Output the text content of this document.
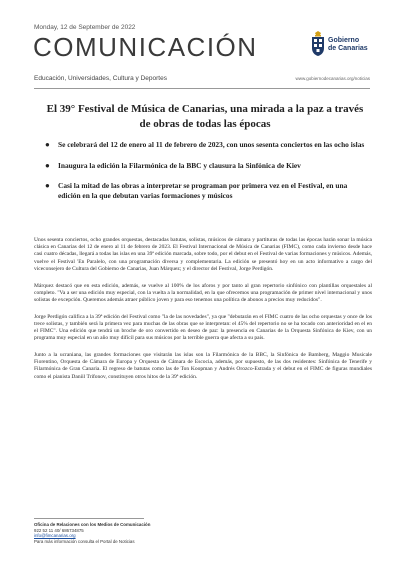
Monday, 12 de September de 2022
COMUNICACIÓN	Gobierno
de Canarias
Educación, Universidades, Cultura y Deportes	www.gobiernodecanarias.org/noticias
El 39° Festival de Música de Canarias, una mirada a la paz a través de obras de todas las épocas
● Se celebrará del 12 de enero al 11 de febrero de 2023, con unos sesenta conciertos en las ocho islas
● Inaugura la edición la Filarmónica de la BBC y clausura la Sinfónica de Kiev
● Casi la mitad de las obras a interpretar se programan por primera vez en el Festival, en una edición en la que debutan varias formaciones y músicos

Unos sesenta conciertos, ocho grandes orquestas, destacadas batutas, solistas, músicos de cámara y partituras de todas las épocas harán sonar la música clásica en Canarias del 12 de enero al 11 de febrero de 2023. El Festival Internacional de Música de Canarias (FIMC), como cada invierno desde hace casi cuatro décadas, llegará a todas las islas en una 39ª edición marcada, sobre todo, por el debut en el Festival de varias formaciones y músicos. Además, vuelve el Festival 'En Paralelo, con una programación diversa y complementaria. La edición se presentó hoy en un acto informativo a cargo del viceconsejero de Cultura del Gobierno de Canarias, Juan Márquez; y el director del Festival, Jorge Perdigón.

Márquez destacó que en esta edición, además, se vuelve al 100% de los aforos y por tanto al gran repertorio sinfónico con plantillas orquestales al completo. "Va a ser una edición muy especial, con la vuelta a la normalidad, en la que ofrecemos una programación de primer nivel internacional y unos solistas de excepción. Queremos además atraer público joven y para eso tenemos una política de abonos a precios muy reducidos".

Jorge Perdigón califica a la 39ª edición del Festival como "la de las novedades", ya que "debutarán en el FIMC cuatro de las ocho orquestas y once de los trece solistas, y también será la primera vez para muchas de las obras que se interpretan: el 45% del repertorio no se ha tocado con anterioridad en el en el FIMC". Una edición que tendrá un broche de oro convertido en deseo de paz: la presencia en Canarias de la Orquesta Sinfónica de Kiev, con un programa muy especial en un año muy difícil para sus músicos por la terrible guerra que afecta a su país.

Junto a la ucraniana, las grandes formaciones que visitarán las islas son la Filarmónica de la BBC, la Sinfónica de Bamberg, Maggio Musicale Fiorentino, Orquesta de Cámara de Europa y Orquesta de Cámara de Escocia, además, por supuesto, de las dos residentes: Sinfónica de Tenerife y Filarmónica de Gran Canaria. El regreso de batutas como las de Ton Koopman y Andrés Orozco-Estrada y el debut en el FIMC de figuras mundiales como el pianista Daniil Trifonov, constituyen otros hitos de la 39ª edición.

Oficina de Relaciones con los Medios de Comunicación
922 52 11 40/ 686734875
info@fimcanarias.org
Para más información consulta el Portal de Noticias
